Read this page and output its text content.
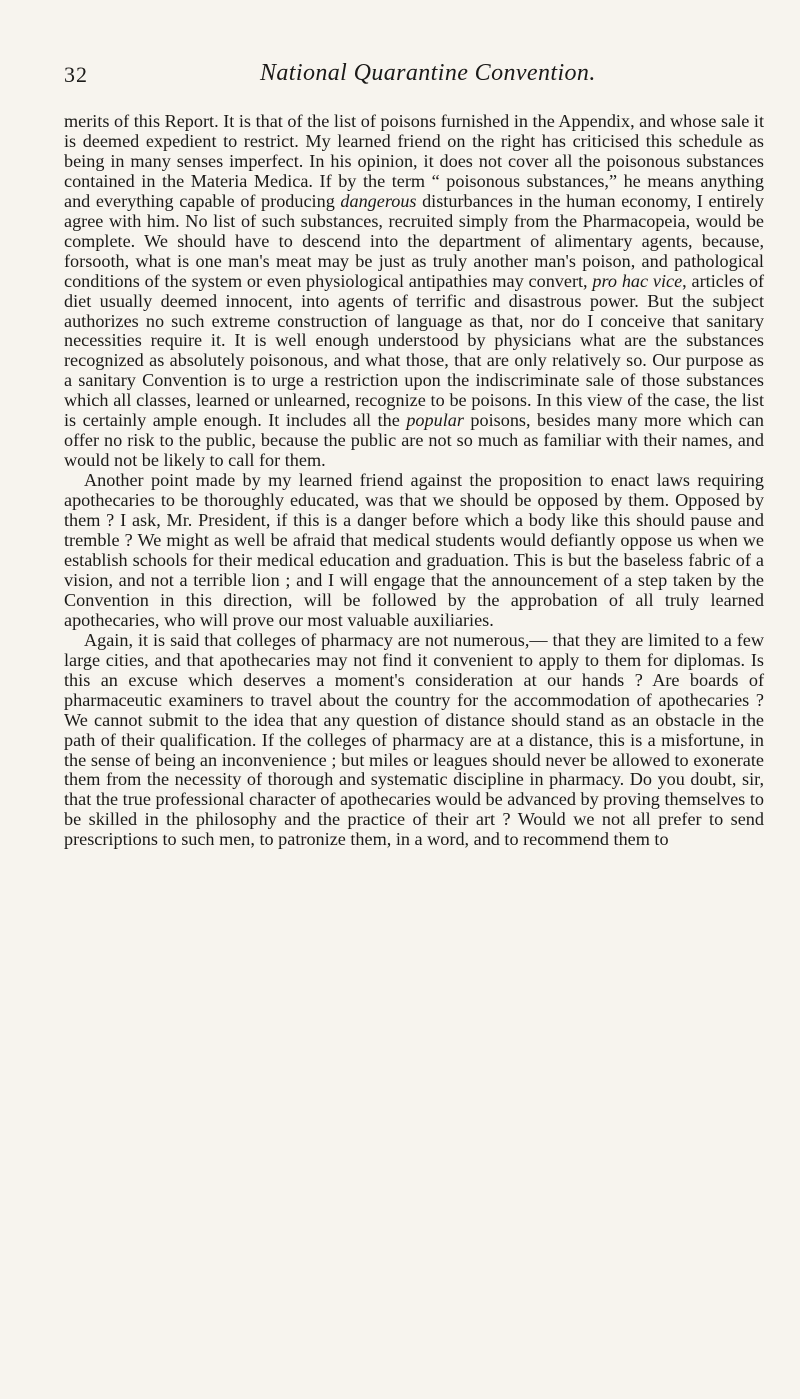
32	National Quarantine Convention.

merits of this Report. It is that of the list of poisons furnished in the Appendix, and whose sale it is deemed expedient to restrict. My learned friend on the right has criticised this schedule as being in many senses imperfect. In his opinion, it does not cover all the poisonous substances contained in the Materia Medica. If by the term “ poisonous substances,” he means anything and everything capable of producing dangerous disturbances in the human economy, I entirely agree with him. No list of such substances, recruited simply from the Pharmacopeia, would be complete. We should have to descend into the department of alimentary agents, because, forsooth, what is one man's meat may be just as truly another man's poison, and pathological conditions of the system or even physiological antipathies may convert, pro hac vice, articles of diet usually deemed innocent, into agents of terrific and disastrous power. But the subject authorizes no such extreme construction of language as that, nor do I conceive that sanitary necessities require it. It is well enough understood by physicians what are the substances recognized as absolutely poisonous, and what those, that are only relatively so. Our purpose as a sanitary Convention is to urge a restriction upon the indiscriminate sale of those substances which all classes, learned or unlearned, recognize to be poisons. In this view of the case, the list is certainly ample enough. It includes all the popular poisons, besides many more which can offer no risk to the public, because the public are not so much as familiar with their names, and would not be likely to call for them.

Another point made by my learned friend against the proposition to enact laws requiring apothecaries to be thoroughly educated, was that we should be opposed by them. Opposed by them ? I ask, Mr. President, if this is a danger before which a body like this should pause and tremble ? We might as well be afraid that medical students would defiantly oppose us when we establish schools for their medical education and graduation. This is but the baseless fabric of a vision, and not a terrible lion ; and I will engage that the announcement of a step taken by the Convention in this direction, will be followed by the approbation of all truly learned apothecaries, who will prove our most valuable auxiliaries.

Again, it is said that colleges of pharmacy are not numerous,— that they are limited to a few large cities, and that apothecaries may not find it convenient to apply to them for diplomas. Is this an excuse which deserves a moment's consideration at our hands ? Are boards of pharmaceutic examiners to travel about the country for the accommodation of apothecaries ? We cannot submit to the idea that any question of distance should stand as an obstacle in the path of their qualification. If the colleges of pharmacy are at a distance, this is a misfortune, in the sense of being an inconvenience ; but miles or leagues should never be allowed to exonerate them from the necessity of thorough and systematic discipline in pharmacy. Do you doubt, sir, that the true professional character of apothecaries would be advanced by proving themselves to be skilled in the philosophy and the practice of their art ? Would we not all prefer to send prescriptions to such men, to patronize them, in a word, and to recommend them to
